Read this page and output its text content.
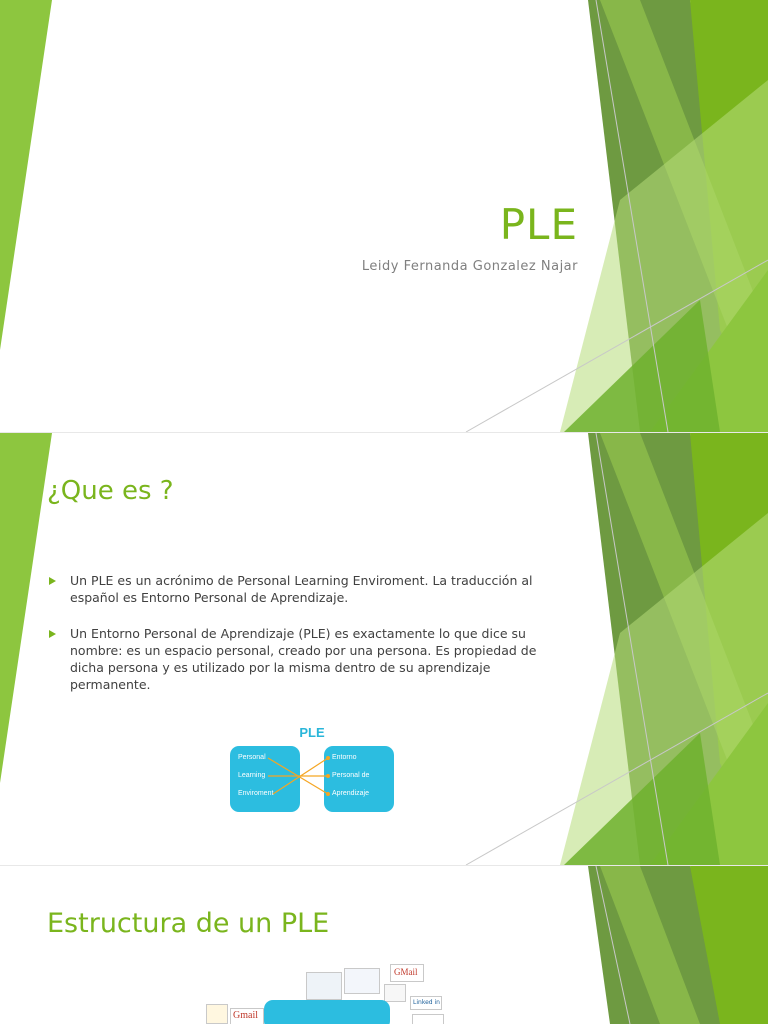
PLE
Leidy Fernanda Gonzalez Najar
¿Que es ?
Un PLE es un acrónimo de Personal Learning Enviroment. La traducción al español es Entorno Personal de Aprendizaje.
Un Entorno Personal de Aprendizaje (PLE) es exactamente lo que dice su nombre: es un espacio personal, creado por una persona. Es propiedad de dicha persona y es utilizado por la misma dentro de su aprendizaje permanente.
PLE
Personal
Learning
Enviroment
Entorno
Personal de
Aprendizaje
Estructura de un PLE
GMail
Linked in
Gmail
